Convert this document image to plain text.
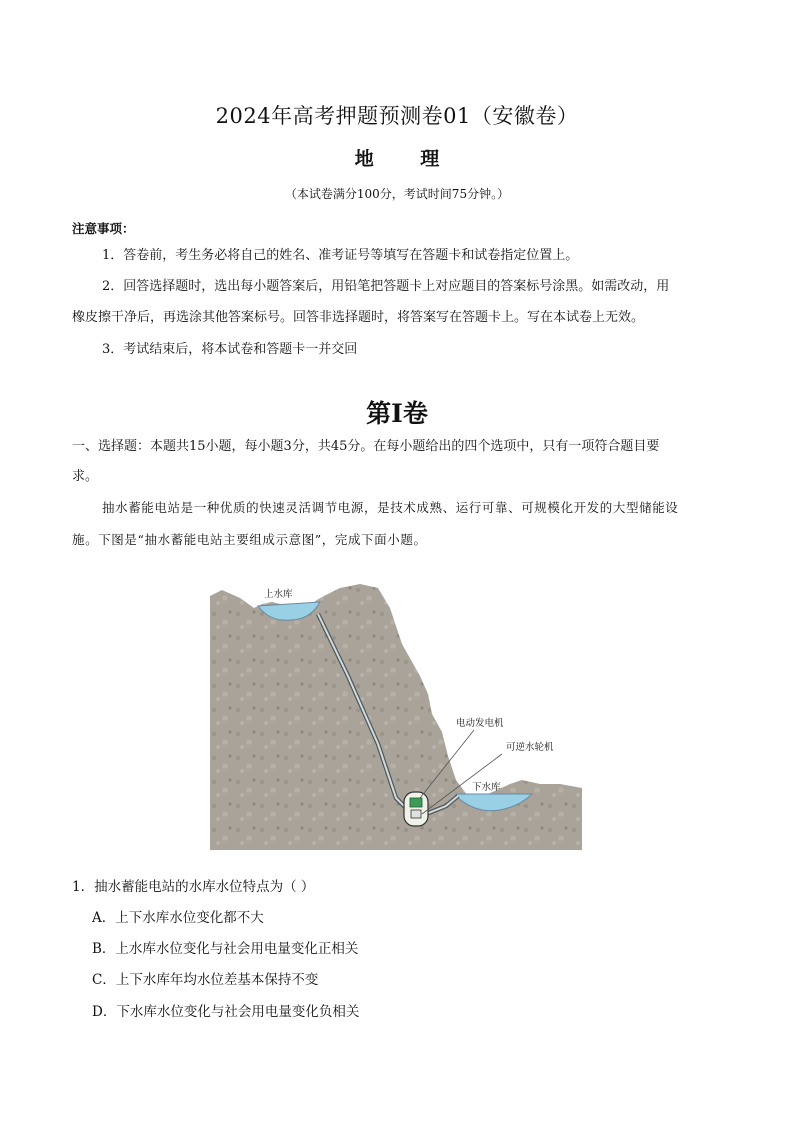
2024年高考押题预测卷01（安徽卷）
地 理
（本试卷满分100分，考试时间75分钟。）
注意事项：
1．答卷前，考生务必将自己的姓名、准考证号等填写在答题卡和试卷指定位置上。
2．回答选择题时，选出每小题答案后，用铅笔把答题卡上对应题目的答案标号涂黑。如需改动，用
橡皮擦干净后，再选涂其他答案标号。回答非选择题时，将答案写在答题卡上。写在本试卷上无效。
3．考试结束后，将本试卷和答题卡一并交回
第Ⅰ卷
一、选择题：本题共15小题，每小题3分，共45分。在每小题给出的四个选项中，只有一项符合题目要
求。
抽水蓄能电站是一种优质的快速灵活调节电源，是技术成熟、运行可靠、可规模化开发的大型储能设
施。下图是“抽水蓄能电站主要组成示意图”，完成下面小题。
上水库
电动发电机
可逆水轮机
下水库
1．抽水蓄能电站的水库水位特点为（ ）
A．上下水库水位变化都不大
B．上水库水位变化与社会用电量变化正相关
C．上下水库年均水位差基本保持不变
D．下水库水位变化与社会用电量变化负相关
